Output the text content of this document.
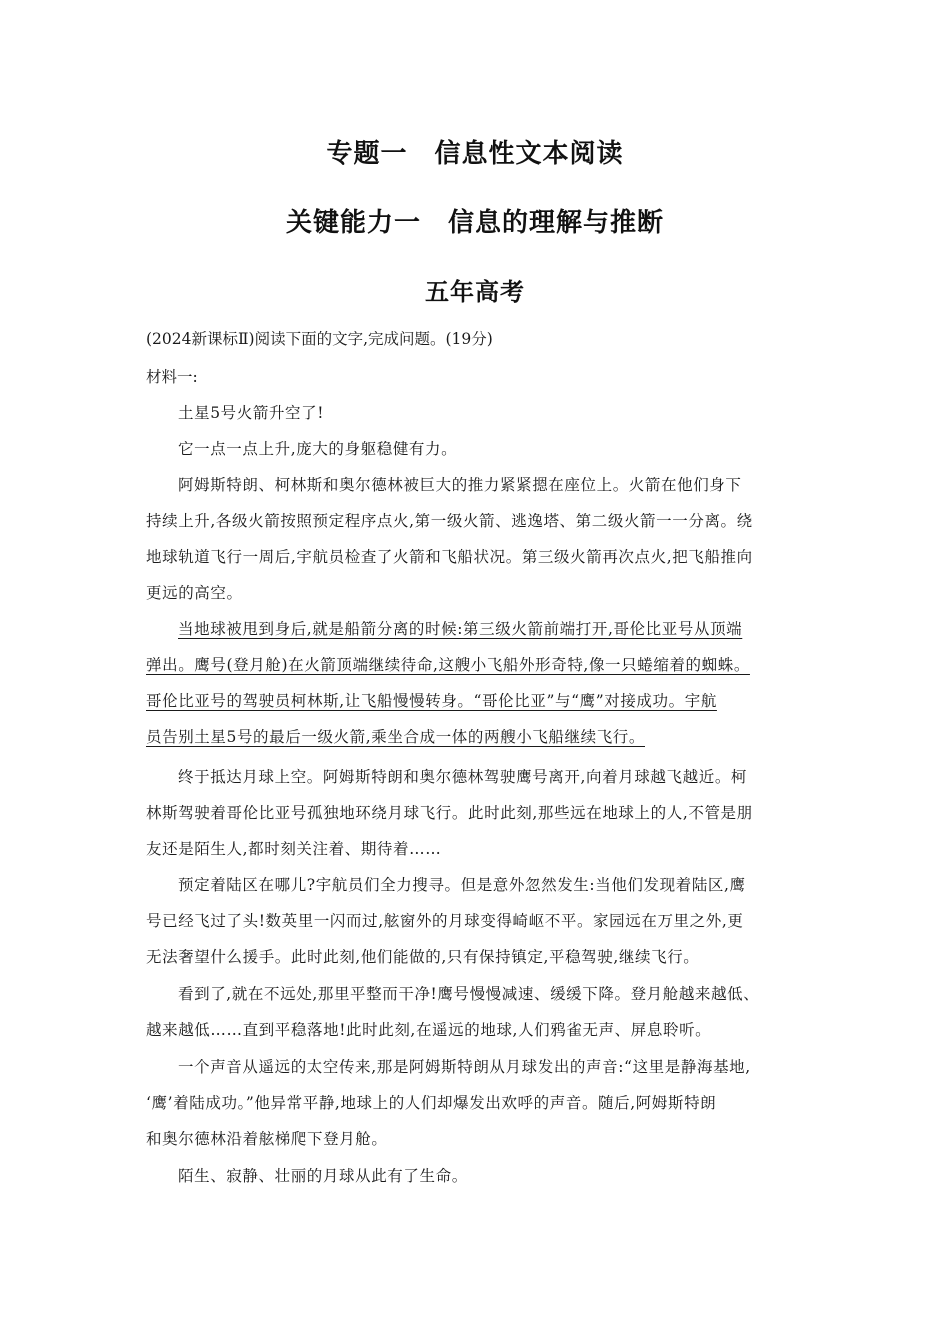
专题一　信息性文本阅读
关键能力一　信息的理解与推断
五年高考
(2024新课标Ⅱ)阅读下面的文字,完成问题。(19分)
材料一:
土星5号火箭升空了!
它一点一点上升,庞大的身躯稳健有力。
阿姆斯特朗、柯林斯和奥尔德林被巨大的推力紧紧摁在座位上。火箭在他们身下
持续上升,各级火箭按照预定程序点火,第一级火箭、逃逸塔、第二级火箭一一分离。绕
地球轨道飞行一周后,宇航员检查了火箭和飞船状况。第三级火箭再次点火,把飞船推向
更远的高空。
当地球被甩到身后,就是船箭分离的时候:第三级火箭前端打开,哥伦比亚号从顶端
弹出。鹰号(登月舱)在火箭顶端继续待命,这艘小飞船外形奇特,像一只蜷缩着的蜘蛛。
哥伦比亚号的驾驶员柯林斯,让飞船慢慢转身。“哥伦比亚”与“鹰”对接成功。宇航
员告别土星5号的最后一级火箭,乘坐合成一体的两艘小飞船继续飞行。
终于抵达月球上空。阿姆斯特朗和奥尔德林驾驶鹰号离开,向着月球越飞越近。柯
林斯驾驶着哥伦比亚号孤独地环绕月球飞行。此时此刻,那些远在地球上的人,不管是朋
友还是陌生人,都时刻关注着、期待着……
预定着陆区在哪儿?宇航员们全力搜寻。但是意外忽然发生:当他们发现着陆区,鹰
号已经飞过了头!数英里一闪而过,舷窗外的月球变得崎岖不平。家园远在万里之外,更
无法奢望什么援手。此时此刻,他们能做的,只有保持镇定,平稳驾驶,继续飞行。
看到了,就在不远处,那里平整而干净!鹰号慢慢减速、缓缓下降。登月舱越来越低、
越来越低……直到平稳落地!此时此刻,在遥远的地球,人们鸦雀无声、屏息聆听。
一个声音从遥远的太空传来,那是阿姆斯特朗从月球发出的声音:“这里是静海基地,
‘鹰’着陆成功。”他异常平静,地球上的人们却爆发出欢呼的声音。随后,阿姆斯特朗
和奥尔德林沿着舷梯爬下登月舱。
陌生、寂静、壮丽的月球从此有了生命。
